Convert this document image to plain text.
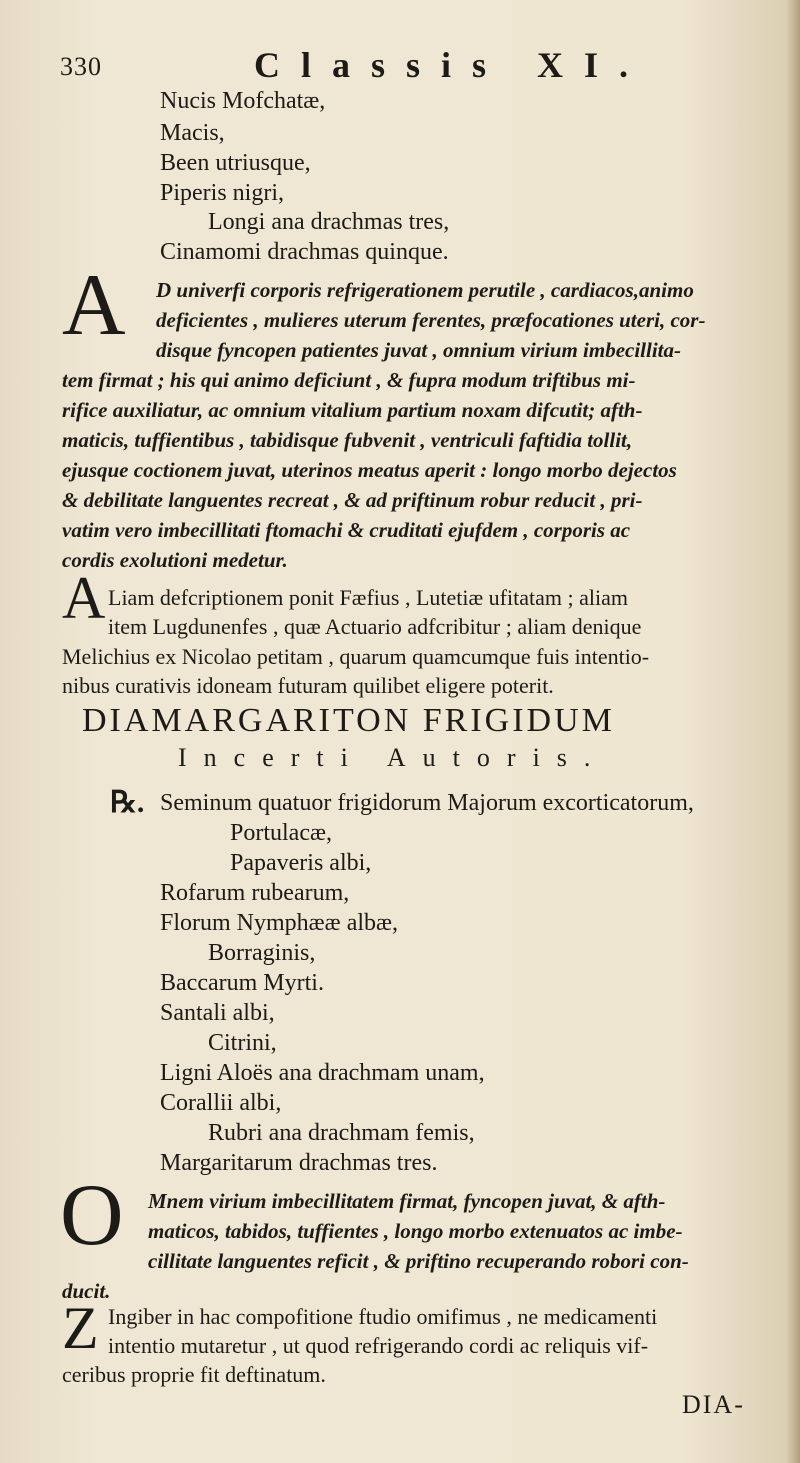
330	Classis XI.
Nucis Mofchatæ,
Macis,
Been utriusque,
Piperis nigri,
Longi ana drachmas tres,
Cinamomi drachmas quinque.
A D univerfi corporis refrigerationem perutile , cardiacos,animo
deficientes , mulieres uterum ferentes, præfocationes uteri, cor-
disque fyncopen patientes juvat , omnium virium imbecillita-
tem firmat ; his qui animo deficiunt , & fupra modum triftibus mi-
rifice auxiliatur, ac omnium vitalium partium noxam difcutit; afth-
maticis, tuffientibus , tabidisque fubvenit , ventriculi faftidia tollit,
ejusque coctionem juvat, uterinos meatus aperit : longo morbo dejectos
& debilitate languentes recreat , & ad priftinum robur reducit , pri-
vatim vero imbecillitati ftomachi & cruditati ejufdem , corporis ac
cordis exolutioni medetur.
A Liam defcriptionem ponit Fæfius , Lutetiæ ufitatam ; aliam
item Lugdunenfes , quæ Actuario adfcribitur ; aliam denique
Melichius ex Nicolao petitam , quarum quamcumque fuis intentio-
nibus curativis idoneam futuram quilibet eligere poterit.
DIAMARGARITON FRIGIDUM
Incerti Autoris.
℞. Seminum quatuor frigidorum Majorum excorticatorum,
Portulacæ,
Papaveris albi,
Rofarum rubearum,
Florum Nymphææ albæ,
Borraginis,
Baccarum Myrti.
Santali albi,
Citrini,
Ligni Aloës ana drachmam unam,
Corallii albi,
Rubri ana drachmam femis,
Margaritarum drachmas tres.
O Mnem virium imbecillitatem firmat, fyncopen juvat, & afth-
maticos, tabidos, tuffientes , longo morbo extenuatos ac imbe-
cillitate languentes reficit , & priftino recuperando robori con-
ducit.
Z Ingiber in hac compofitione ftudio omifimus , ne medicamenti
intentio mutaretur , ut quod refrigerando cordi ac reliquis vif-
ceribus proprie fit deftinatum.
DIA-
